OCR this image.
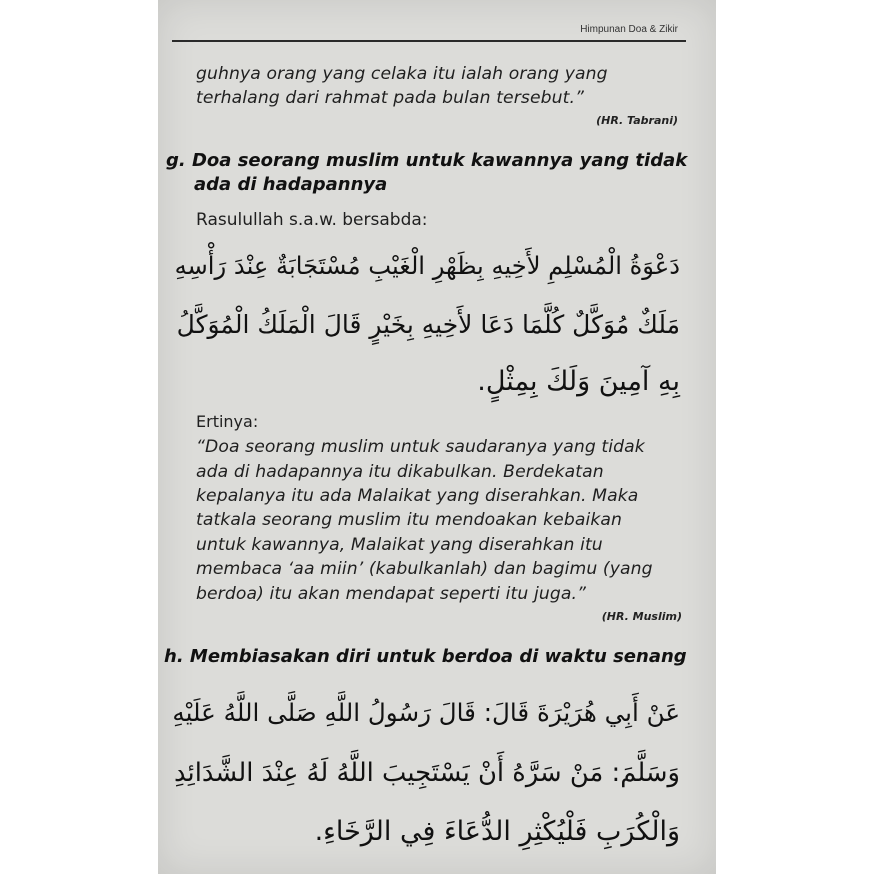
Himpunan Doa & Zikir
guhnya orang yang celaka itu ialah orang yang
terhalang dari rahmat pada bulan tersebut.”
(HR. Tabrani)
g. Doa seorang muslim untuk kawannya yang tidak
ada di hadapannya
Rasulullah s.a.w. bersabda:
دَعْوَةُ الْمُسْلِمِ لأَخِيهِ بِظَهْرِ الْغَيْبِ مُسْتَجَابَةٌ عِنْدَ رَأْسِهِ
مَلَكٌ مُوَكَّلٌ كُلَّمَا دَعَا لأَخِيهِ بِخَيْرٍ قَالَ الْمَلَكُ الْمُوَكَّلُ
بِهِ آمِينَ وَلَكَ بِمِثْلٍ.
Ertinya:
“Doa seorang muslim untuk saudaranya yang tidak
ada di hadapannya itu dikabulkan. Berdekatan
kepalanya itu ada Malaikat yang diserahkan. Maka
tatkala seorang muslim itu mendoakan kebaikan
untuk kawannya, Malaikat yang diserahkan itu
membaca ‘aa miin’ (kabulkanlah) dan bagimu (yang
berdoa) itu akan mendapat seperti itu juga.”
(HR. Muslim)
h. Membiasakan diri untuk berdoa di waktu senang
عَنْ أَبِي هُرَيْرَةَ قَالَ: قَالَ رَسُولُ اللَّهِ صَلَّى اللَّهُ عَلَيْهِ
وَسَلَّمَ: مَنْ سَرَّهُ أَنْ يَسْتَجِيبَ اللَّهُ لَهُ عِنْدَ الشَّدَائِدِ
وَالْكُرَبِ فَلْيُكْثِرِ الدُّعَاءَ فِي الرَّخَاءِ.
